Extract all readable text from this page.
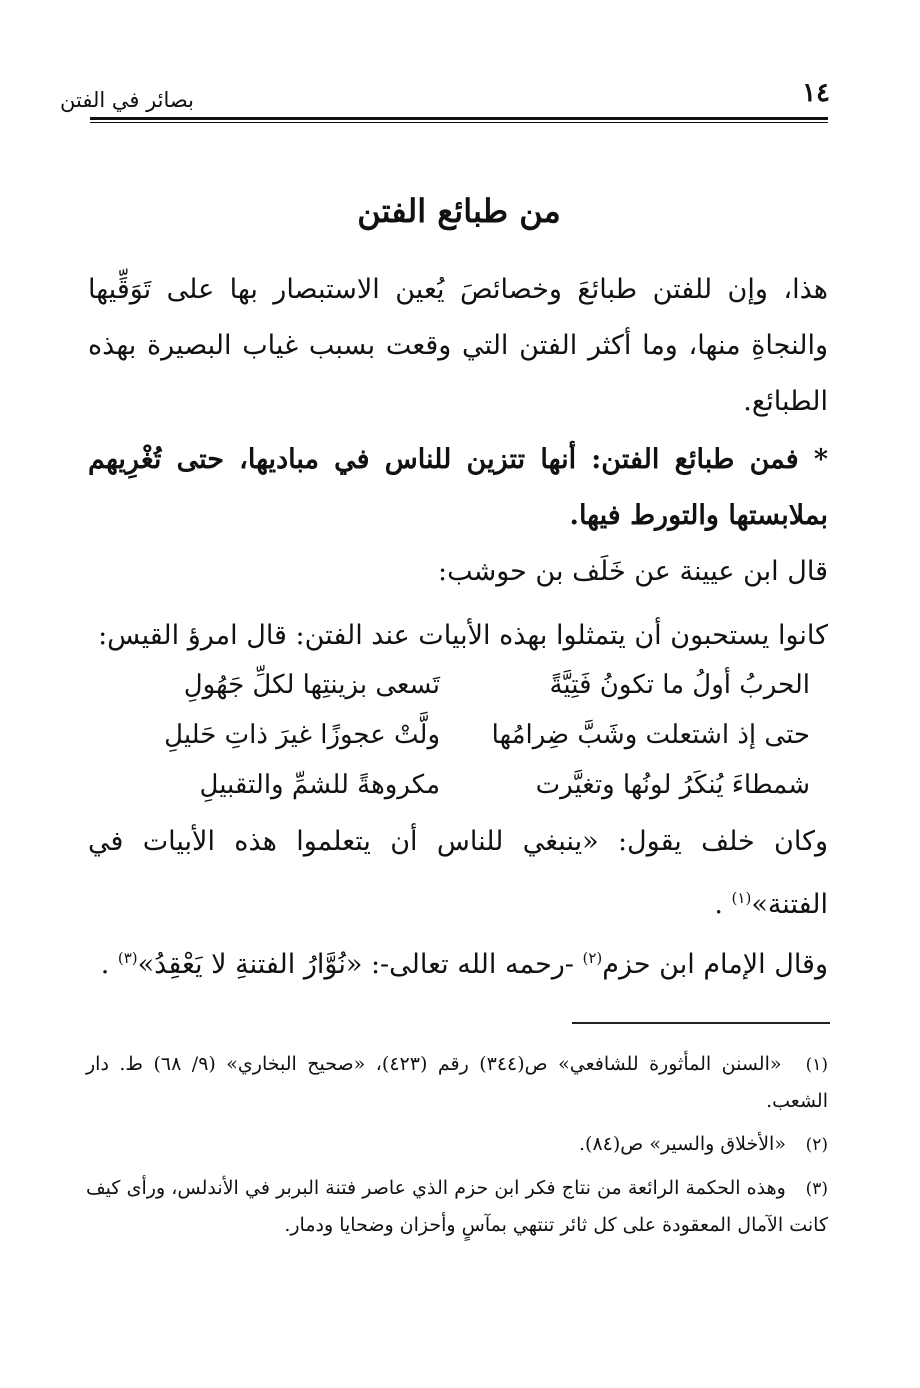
١٤
بصائر في الفتن
من طبائع الفتن
هذا، وإن للفتن طبائعَ وخصائصَ يُعين الاستبصار بها على تَوَقِّيها والنجاةِ منها، وما أكثر الفتن التي وقعت بسبب غياب البصيرة بهذه الطبائع.
* فمن طبائع الفتن: أنها تتزين للناس في مباديها، حتى تُغْرِيهم بملابستها والتورط فيها.
قال ابن عيينة عن خَلَف بن حوشب:
كانوا يستحبون أن يتمثلوا بهذه الأبيات عند الفتن: قال امرؤ القيس:
الحربُ أولُ ما تكونُ فَتِيَّةً
تَسعى بزينتِها لكلِّ جَهُولِ
حتى إذ اشتعلت وشَبَّ ضِرامُها
ولَّتْ عجوزًا غيرَ ذاتِ حَليلِ
شمطاءَ يُنكَرُ لونُها وتغيَّرت
مكروهةً للشمِّ والتقبيلِ
وكان خلف يقول: «ينبغي للناس أن يتعلموا هذه الأبيات في الفتنة»$^{(١)}$ .
وقال الإمام ابن حزم$^{(٢)}$ -رحمه الله تعالى-: «نُوَّارُ الفتنةِ لا يَعْقِدُ»$^{(٣)}$ .
(١) «السنن المأثورة للشافعي» ص(٣٤٤) رقم (٤٢٣)، «صحيح البخاري» (٩/ ٦٨) ط. دار الشعب.
(٢) «الأخلاق والسير» ص(٨٤).
(٣) وهذه الحكمة الرائعة من نتاج فكر ابن حزم الذي عاصر فتنة البربر في الأندلس، ورأى كيف كانت الآمال المعقودة على كل ثائر تنتهي بمآسٍ وأحزان وضحايا ودمار.
